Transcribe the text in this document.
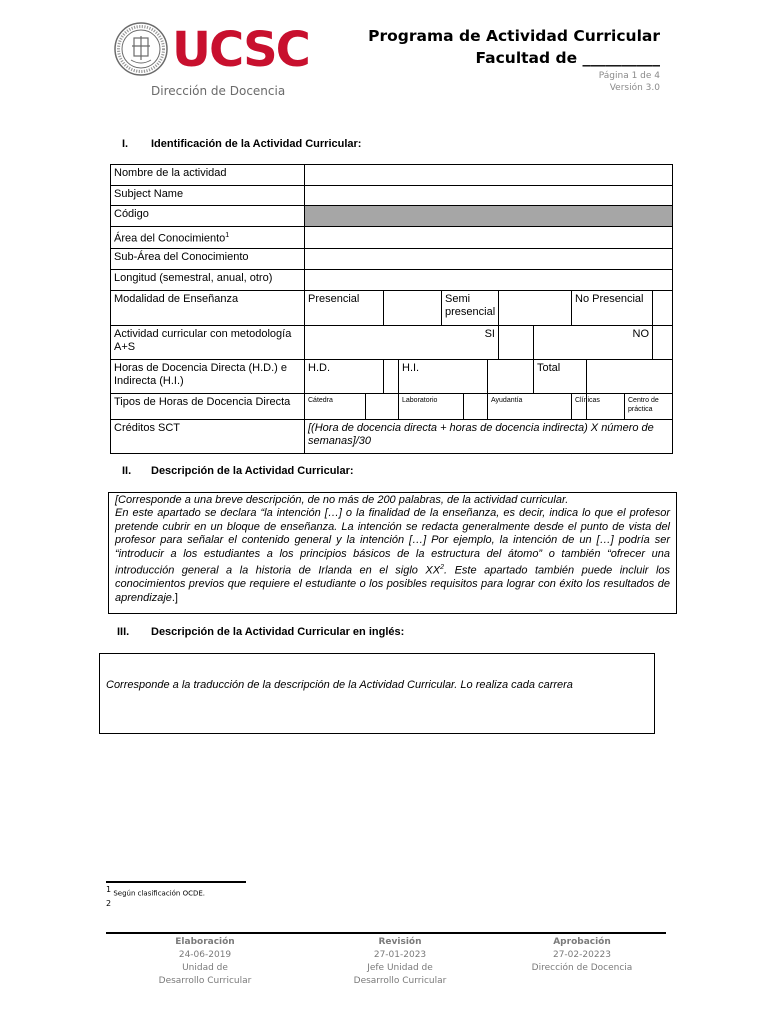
UCSC
Dirección de Docencia
Programa de Actividad Curricular
Facultad de __________
Página 1 de 4
Versión 3.0
I. Identificación de la Actividad Curricular:
Nombre de la actividad														
Subject Name														
Código														
Área del Conocimiento$^1$	
Sub-Área del Conocimiento														
Longitud (semestral, anual, otro)														
Modalidad de Enseñanza	Presencial				Semi presencial					No Presencial				
Actividad curricular con metodología A+S	SI								NO					
Horas de Docencia Directa (H.D.) e Indirecta (H.I.)	H.D.			H.I.					Total					
Tipos de Horas de Docencia Directa	Cátedra			Laboratorio			Ayudantía			Clínicas		Centro de práctica		
Créditos SCT	[(Hora de docencia directa + horas de docencia indirecta) X número de semanas]/30													
II. Descripción de la Actividad Curricular:
[Corresponde a una breve descripción, de no más de 200 palabras, de la actividad curricular.
En este apartado se declara “la intención […] o la finalidad de la enseñanza, es decir, indica lo que el profesor pretende cubrir en un bloque de enseñanza. La intención se redacta generalmente desde el punto de vista del profesor para señalar el contenido general y la intención […] Por ejemplo, la intención de un […] podría ser “introducir a los estudiantes a los principios básicos de la estructura del átomo” o también “ofrecer una introducción general a la historia de Irlanda en el siglo $XX^2$. Este apartado también puede incluir los conocimientos previos que requiere el estudiante o los posibles requisitos para lograr con éxito los resultados de aprendizaje.]
III. Descripción de la Actividad Curricular en inglés:
Corresponde a la traducción de la descripción de la Actividad Curricular. Lo realiza cada carrera
$^1$ Según clasificación OCDE.
$^2$
Elaboración
24-06-2019
Unidad de
Desarrollo Curricular
Revisión
27-01-2023
Jefe Unidad de
Desarrollo Curricular
Aprobación
27-02-20223
Dirección de Docencia
